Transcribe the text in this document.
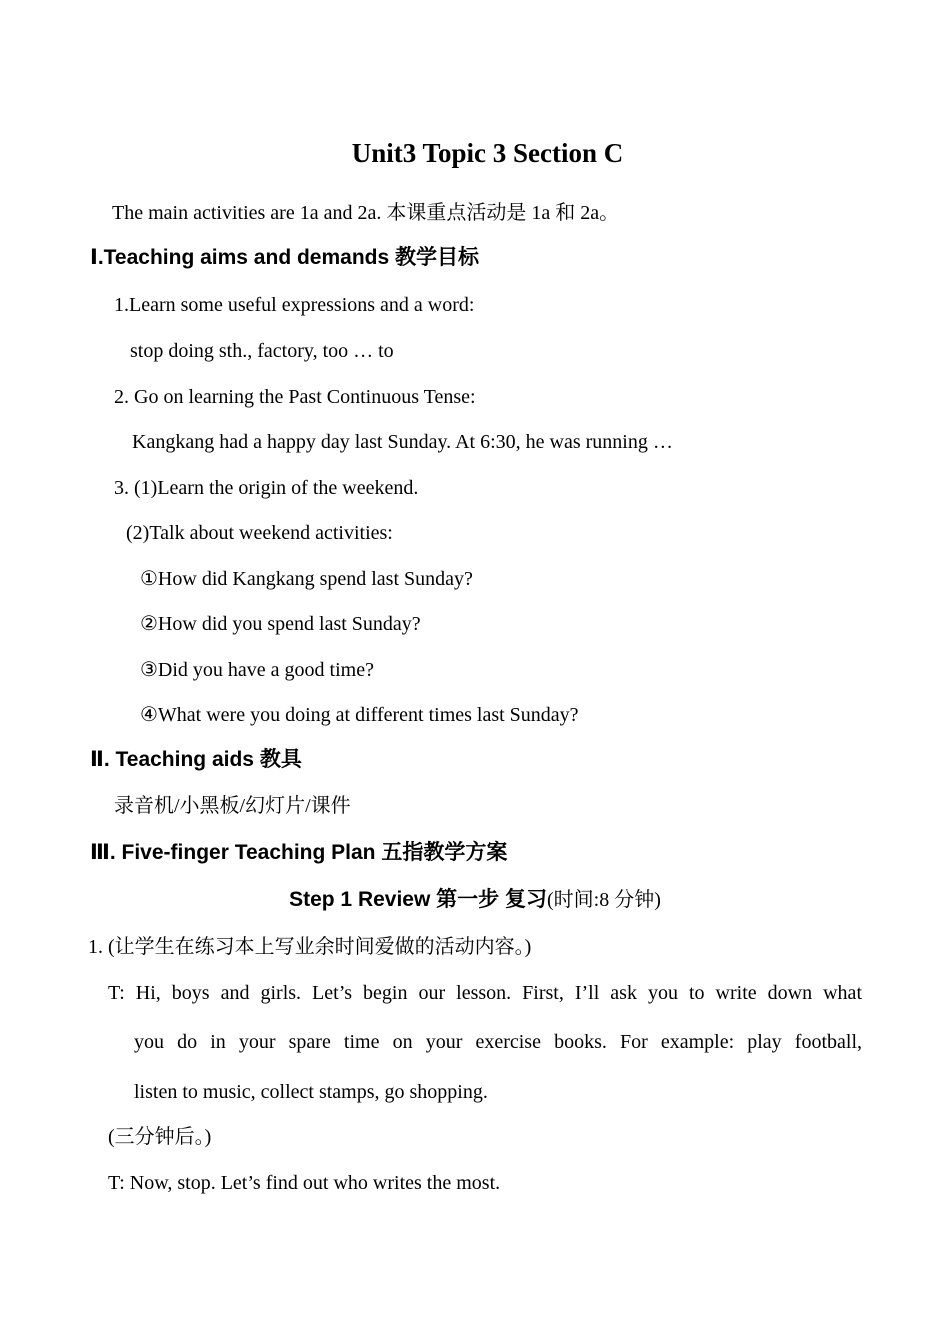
Unit3 Topic 3 Section C
The main activities are 1a and 2a. 本课重点活动是 1a 和 2a。
Ⅰ.Teaching aims and demands 教学目标
1.Learn some useful expressions and a word:
stop doing sth., factory, too … to
2. Go on learning the Past Continuous Tense:
Kangkang had a happy day last Sunday. At 6:30, he was running …
3. (1)Learn the origin of the weekend.
(2)Talk about weekend activities:
①How did Kangkang spend last Sunday?
②How did you spend last Sunday?
③Did you have a good time?
④What were you doing at different times last Sunday?
Ⅱ. Teaching aids 教具
录音机/小黑板/幻灯片/课件
Ⅲ. Five-finger Teaching Plan 五指教学方案
Step 1 Review 第一步 复习(时间:8 分钟)
1. (让学生在练习本上写业余时间爱做的活动内容。)
T: Hi, boys and girls. Let’s begin our lesson. First, I’ll ask you to write down what
you do in your spare time on your exercise books. For example: play football,
listen to music, collect stamps, go shopping.
(三分钟后。)
T: Now, stop. Let’s find out who writes the most.
